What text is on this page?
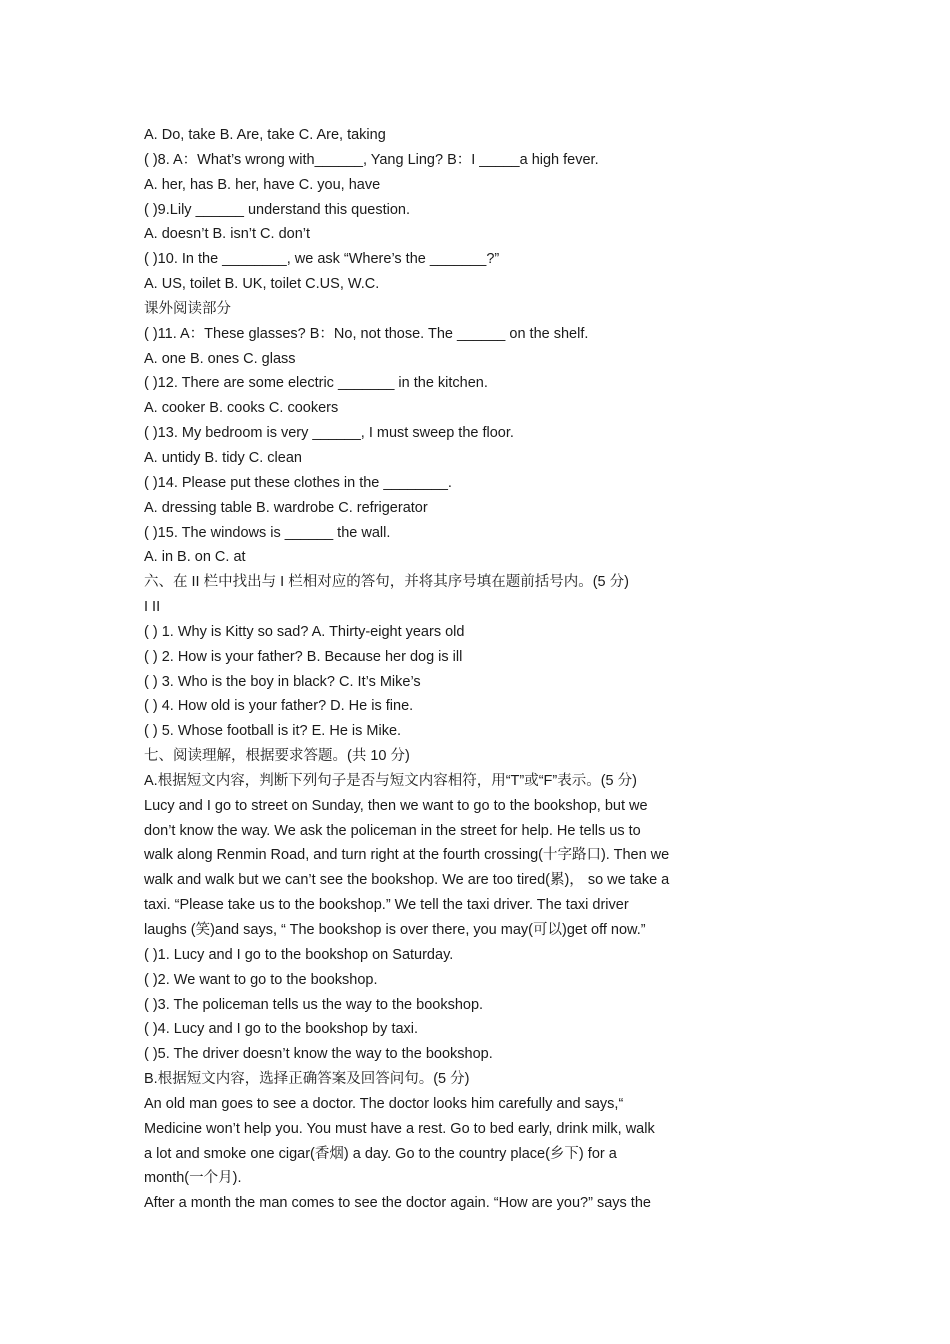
A. Do, take B. Are, take C. Are, taking
( )8. A：What’s wrong with______, Yang Ling? B：I _____a high fever.
A. her, has B. her, have C. you, have
( )9.Lily ______ understand this question.
A. doesn’t B. isn’t C. don’t
( )10. In the ________, we ask “Where’s the _______?”
A. US, toilet B. UK, toilet C.US, W.C.
课外阅读部分
( )11. A：These glasses? B：No, not those. The ______ on the shelf.
A. one B. ones C. glass
( )12. There are some electric _______ in the kitchen.
A. cooker B. cooks C. cookers
( )13. My bedroom is very ______, I must sweep the floor.
A. untidy B. tidy C. clean
( )14. Please put these clothes in the ________.
A. dressing table B. wardrobe C. refrigerator
( )15. The windows is ______ the wall.
A. in B. on C. at
六、在 II 栏中找出与 I 栏相对应的答句，并将其序号填在题前括号内。(5 分)
I II
( ) 1. Why is Kitty so sad? A. Thirty-eight years old
( ) 2. How is your father? B. Because her dog is ill
( ) 3. Who is the boy in black? C. It’s Mike’s
( ) 4. How old is your father? D. He is fine.
( ) 5. Whose football is it? E. He is Mike.
七、阅读理解，根据要求答题。(共 10 分)
A.根据短文内容，判断下列句子是否与短文内容相符，用“T”或“F”表示。(5 分)
Lucy and I go to street on Sunday, then we want to go to the bookshop, but we
don’t know the way. We ask the policeman in the street for help. He tells us to
walk along Renmin Road, and turn right at the fourth crossing(十字路口). Then we
walk and walk but we can’t see the bookshop. We are too tired(累)， so we take a
taxi. “Please take us to the bookshop.” We tell the taxi driver. The taxi driver
laughs (笑)and says, “ The bookshop is over there, you may(可以)get off now.”
( )1. Lucy and I go to the bookshop on Saturday.
( )2. We want to go to the bookshop.
( )3. The policeman tells us the way to the bookshop.
( )4. Lucy and I go to the bookshop by taxi.
( )5. The driver doesn’t know the way to the bookshop.
B.根据短文内容，选择正确答案及回答问句。(5 分)
An old man goes to see a doctor. The doctor looks him carefully and says,“
Medicine won’t help you. You must have a rest. Go to bed early, drink milk, walk
a lot and smoke one cigar(香烟) a day. Go to the country place(乡下) for a
month(一个月).
After a month the man comes to see the doctor again. “How are you?” says the
